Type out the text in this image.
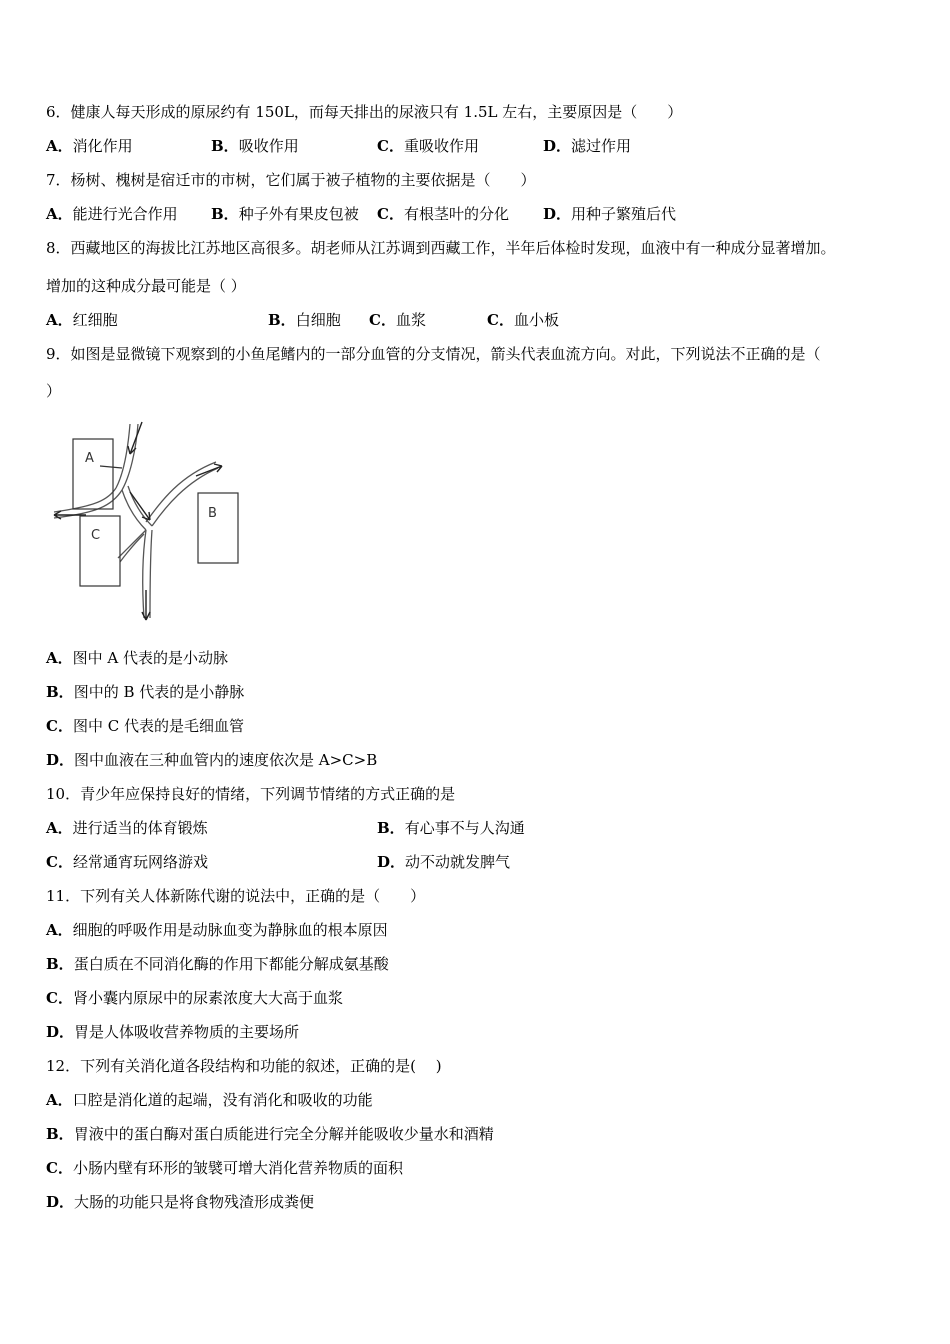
6．健康人每天形成的原尿约有 150L，而每天排出的尿液只有 1.5L 左右，主要原因是（　　）
A．消化作用	B．吸收作用	C．重吸收作用	D．滤过作用
7．杨树、槐树是宿迁市的市树，它们属于被子植物的主要依据是（　　）
A．能进行光合作用 B．种子外有果皮包被 C．有根茎叶的分化 D．用种子繁殖后代
8．西藏地区的海拔比江苏地区高很多。胡老师从江苏调到西藏工作，半年后体检时发现，血液中有一种成分显著增加。
增加的这种成分最可能是（ ）
A．红细胞	B．白细胞 C．血浆	C．血小板
9．如图是显微镜下观察到的小鱼尾鳍内的一部分血管的分支情况，箭头代表血流方向。对此，下列说法不正确的是（
）
A
B
C
A．图中 A 代表的是小动脉
B．图中的 B 代表的是小静脉
C．图中 C 代表的是毛细血管
D．图中血液在三种血管内的速度依次是 A>C>B
10．青少年应保持良好的情绪，下列调节情绪的方式正确的是
A．进行适当的体育锻炼	B．有心事不与人沟通
C．经常通宵玩网络游戏	D．动不动就发脾气
11．下列有关人体新陈代谢的说法中，正确的是（　　）
A．细胞的呼吸作用是动脉血变为静脉血的根本原因
B．蛋白质在不同消化酶的作用下都能分解成氨基酸
C．肾小囊内原尿中的尿素浓度大大高于血浆
D．胃是人体吸收营养物质的主要场所
12．下列有关消化道各段结构和功能的叙述，正确的是(　 )
A．口腔是消化道的起端，没有消化和吸收的功能
B．胃液中的蛋白酶对蛋白质能进行完全分解并能吸收少量水和酒精
C．小肠内壁有环形的皱襞可增大消化营养物质的面积
D．大肠的功能只是将食物残渣形成粪便
